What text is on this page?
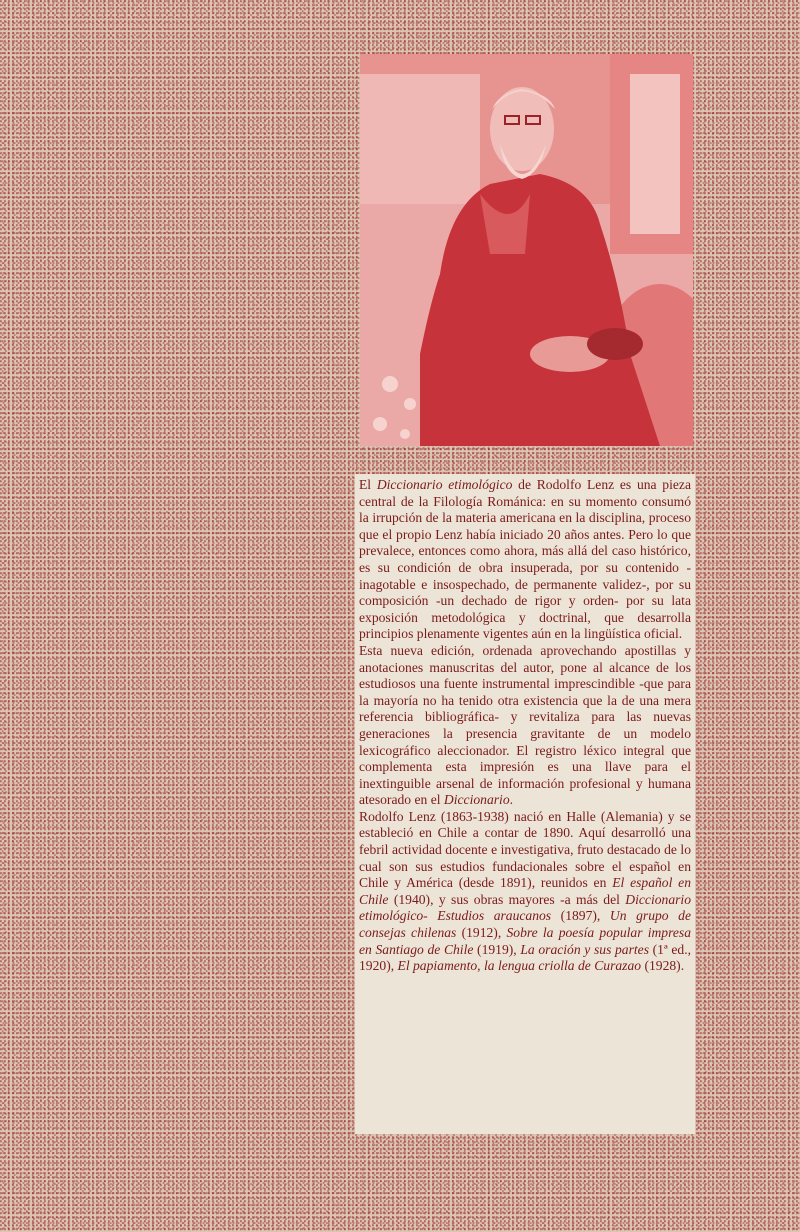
El Diccionario etimológico de Rodolfo Lenz es una pieza central de la Filología Románica: en su momento consumó la irrupción de la materia americana en la disciplina, proceso que el propio Lenz había iniciado 20 años antes. Pero lo que prevalece, entonces como ahora, más allá del caso histórico, es su condición de obra insuperada, por su contenido -inagotable e insospechado, de permanente validez-, por su composición -un dechado de rigor y orden- por su lata exposición metodológica y doctrinal, que desarrolla principios plenamente vigentes aún en la lingüística oficial.

Esta nueva edición, ordenada aprovechando apostillas y anotaciones manuscritas del autor, pone al alcance de los estudiosos una fuente instrumental imprescindible -que para la mayoría no ha tenido otra existencia que la de una mera referencia bibliográfica- y revitaliza para las nuevas generaciones la presencia gravitante de un modelo lexicográfico aleccionador. El registro léxico integral que complementa esta impresión es una llave para el inextinguible arsenal de información profesional y humana atesorado en el Diccionario.

Rodolfo Lenz (1863-1938) nació en Halle (Alemania) y se estableció en Chile a contar de 1890. Aquí desarrolló una febril actividad docente e investigativa, fruto destacado de lo cual son sus estudios fundacionales sobre el español en Chile y América (desde 1891), reunidos en El español en Chile (1940), y sus obras mayores -a más del Diccionario etimológico- Estudios araucanos (1897), Un grupo de consejas chilenas (1912), Sobre la poesía popular impresa en Santiago de Chile (1919), La oración y sus partes (1ª ed., 1920), El papiamento, la lengua criolla de Curazao (1928).
